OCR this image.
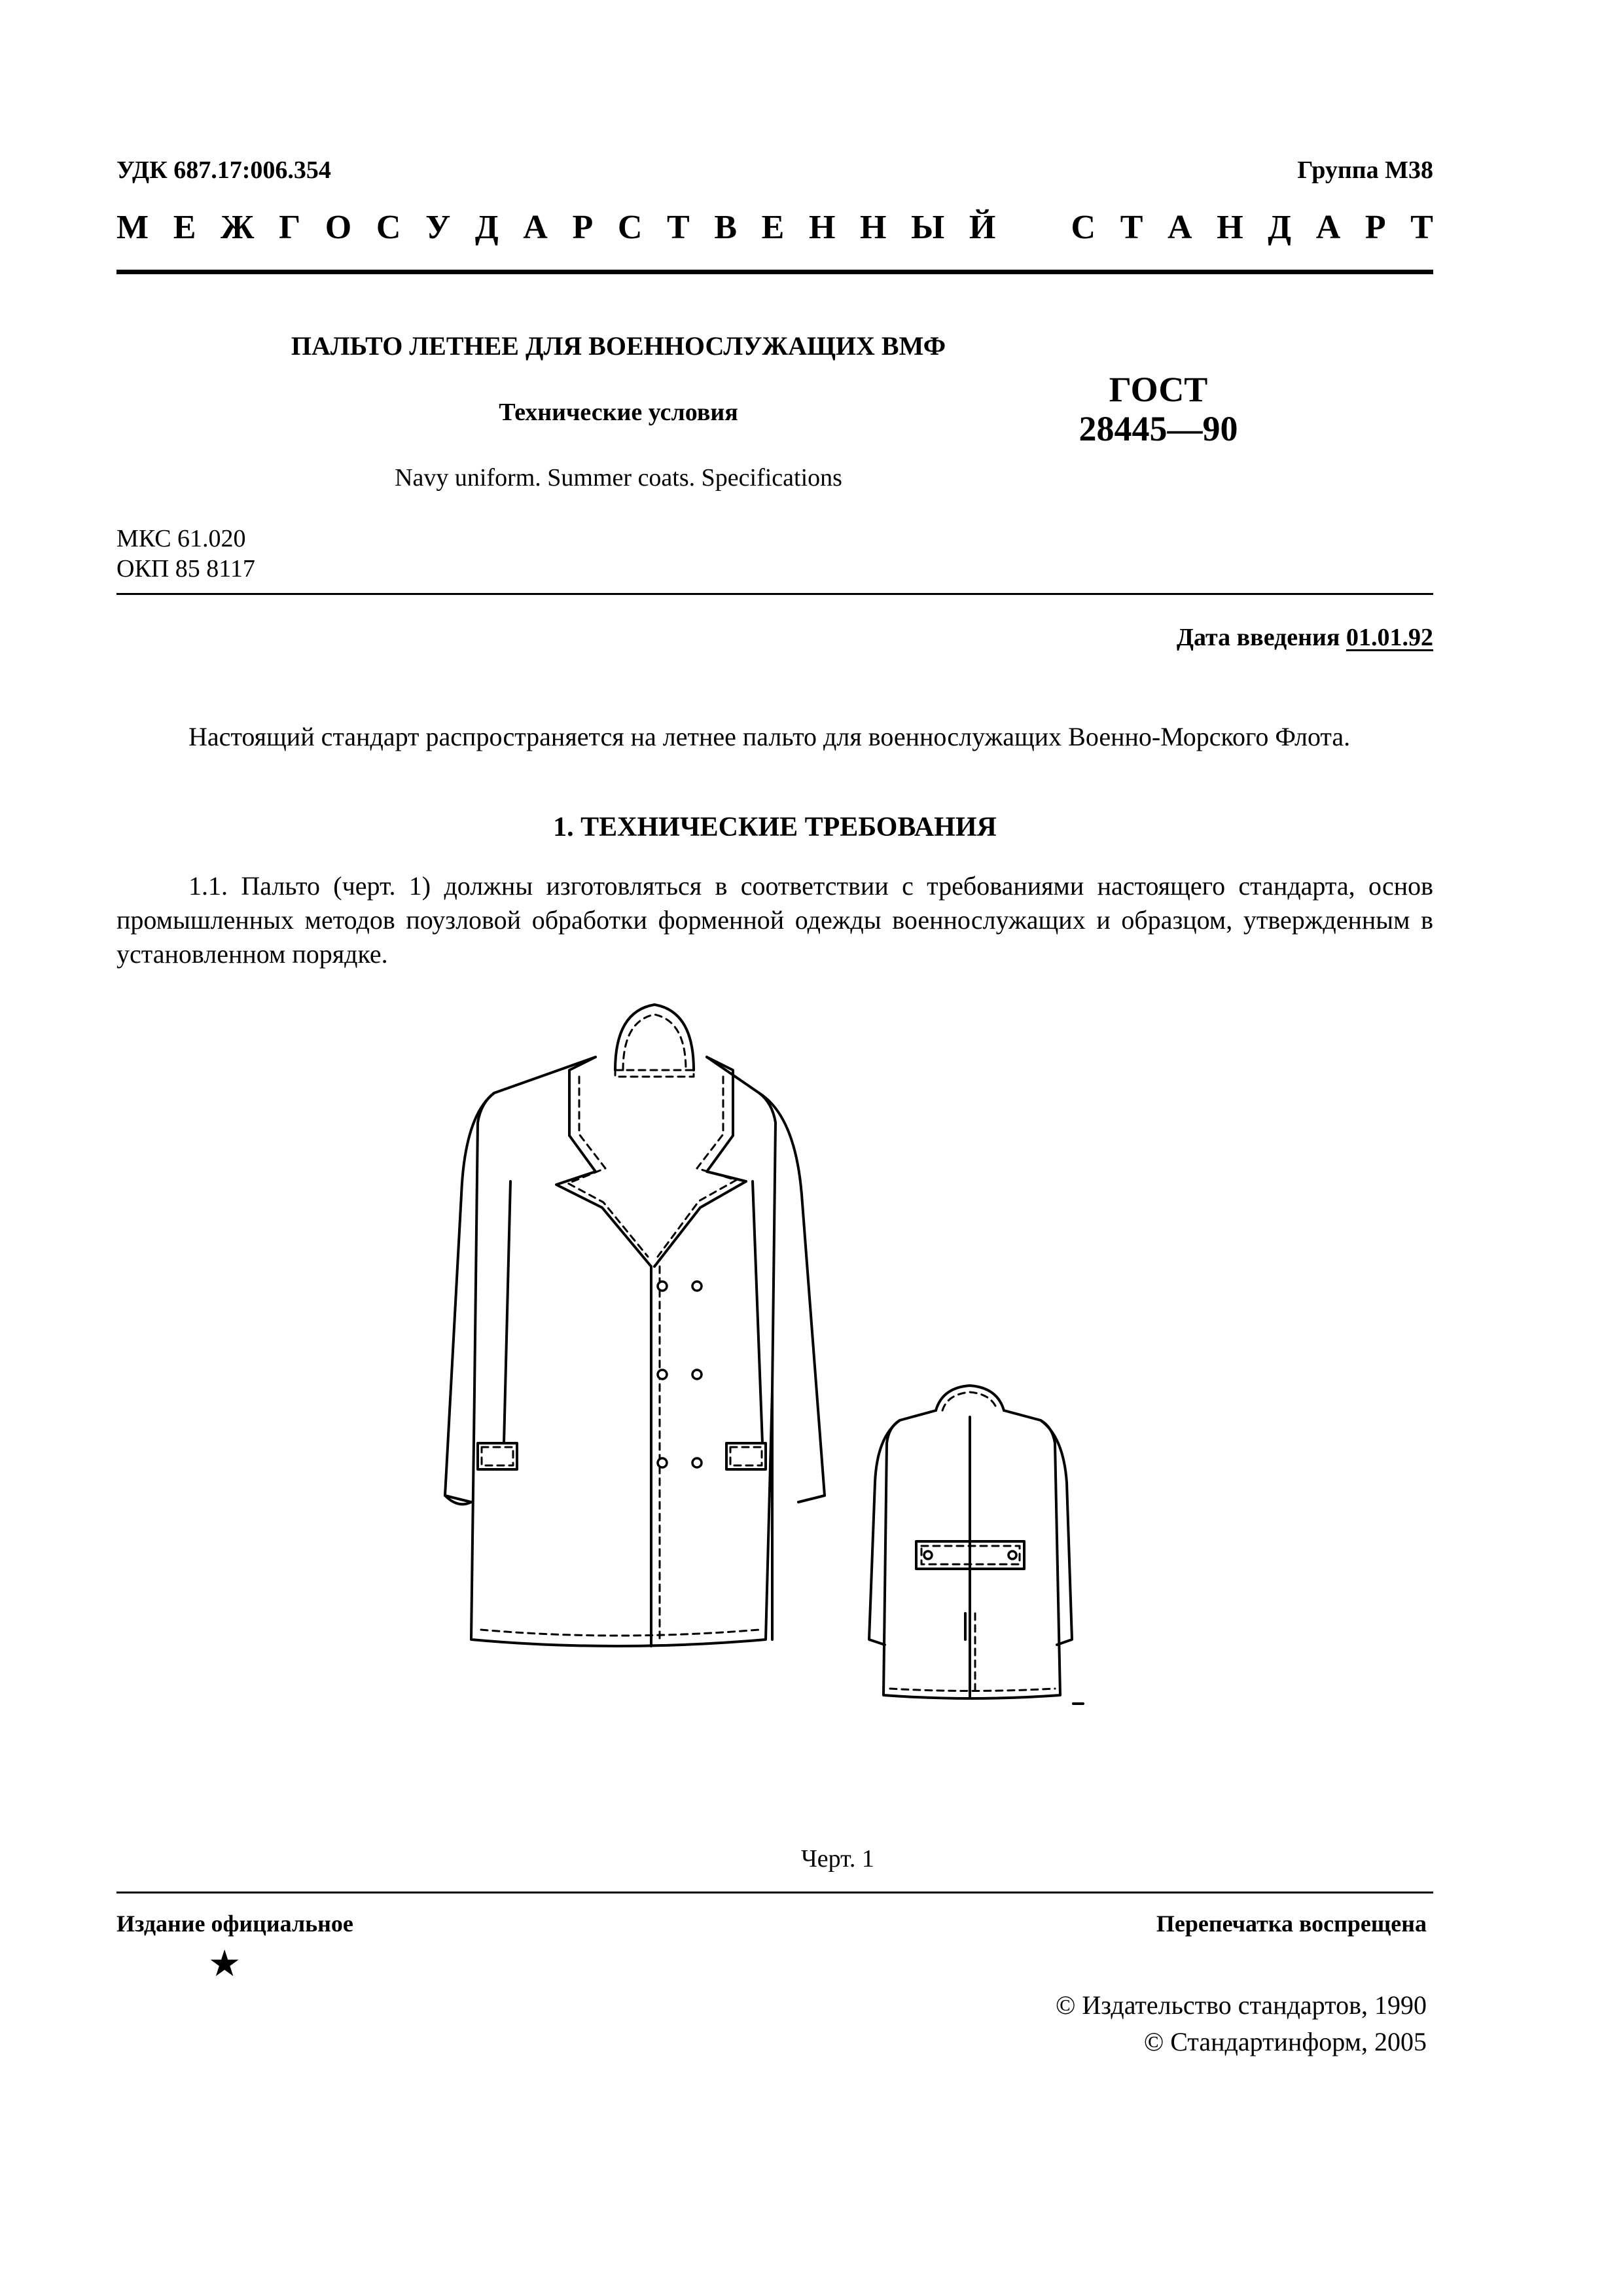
УДК 687.17:006.354	Группа М38
М Е Ж Г О С У Д А Р С Т В Е Н Н Ы Й С Т А Н Д А Р Т
ПАЛЬТО ЛЕТНЕЕ ДЛЯ ВОЕННОСЛУЖАЩИХ ВМФ
Технические условия
Navy uniform. Summer coats. Specifications
ГОСТ
28445—90
МКС 61.020
ОКП 85 8117
Дата введения 01.01.92
Настоящий стандарт распространяется на летнее пальто для военнослужащих Военно-Морского Флота.
1. ТЕХНИЧЕСКИЕ ТРЕБОВАНИЯ
1.1. Пальто (черт. 1) должны изготовляться в соответствии с требованиями настоящего стандарта, основ промышленных методов поузловой обработки форменной одежды военнослужащих и образцом, утвержденным в установленном порядке.
Черт. 1
Издание официальное	Перепечатка воспрещена
★
© Издательство стандартов, 1990
© Стандартинформ, 2005
